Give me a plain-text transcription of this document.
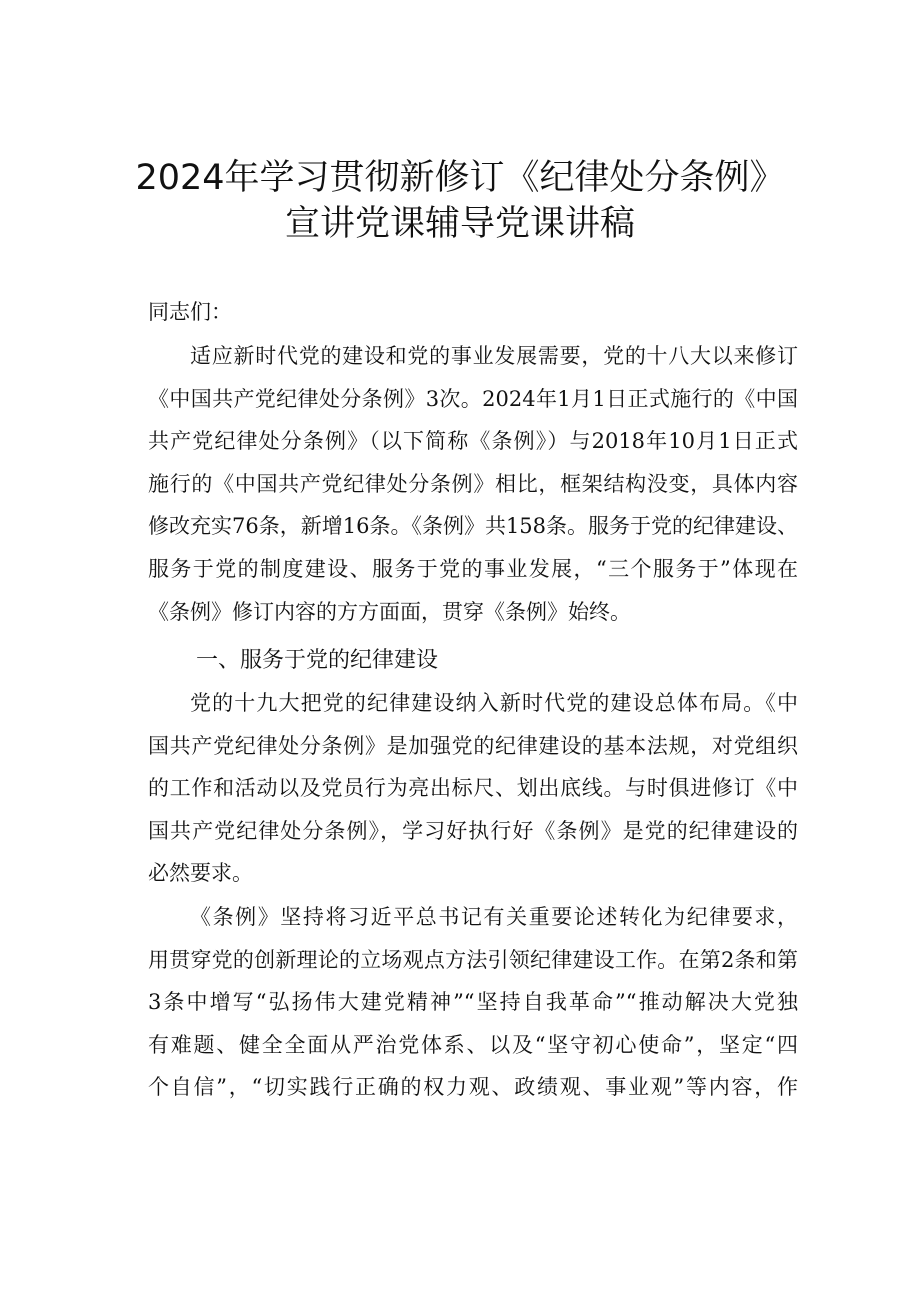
2024年学习贯彻新修订《纪律处分条例》
宣讲党课辅导党课讲稿

同志们：

适应新时代党的建设和党的事业发展需要，党的十八大以来修订
《中国共产党纪律处分条例》3次。2024年1月1日正式施行的《中国
共产党纪律处分条例》（以下简称《条例》）与2018年10月1日正式
施行的《中国共产党纪律处分条例》相比，框架结构没变，具体内容
修改充实76条，新增16条。《条例》共158条。服务于党的纪律建设、
服务于党的制度建设、服务于党的事业发展，“三个服务于”体现在
《条例》修订内容的方方面面，贯穿《条例》始终。

一、服务于党的纪律建设

党的十九大把党的纪律建设纳入新时代党的建设总体布局。《中
国共产党纪律处分条例》是加强党的纪律建设的基本法规，对党组织
的工作和活动以及党员行为亮出标尺、划出底线。与时俱进修订《中
国共产党纪律处分条例》，学习好执行好《条例》是党的纪律建设的
必然要求。
《条例》坚持将习近平总书记有关重要论述转化为纪律要求，
用贯穿党的创新理论的立场观点方法引领纪律建设工作。在第2条和第
3条中增写“弘扬伟大建党精神”“坚持自我革命”“推动解决大党独
有难题、健全全面从严治党体系、以及“坚守初心使命”，坚定“四
个自信”，“切实践行正确的权力观、政绩观、事业观”等内容，作
